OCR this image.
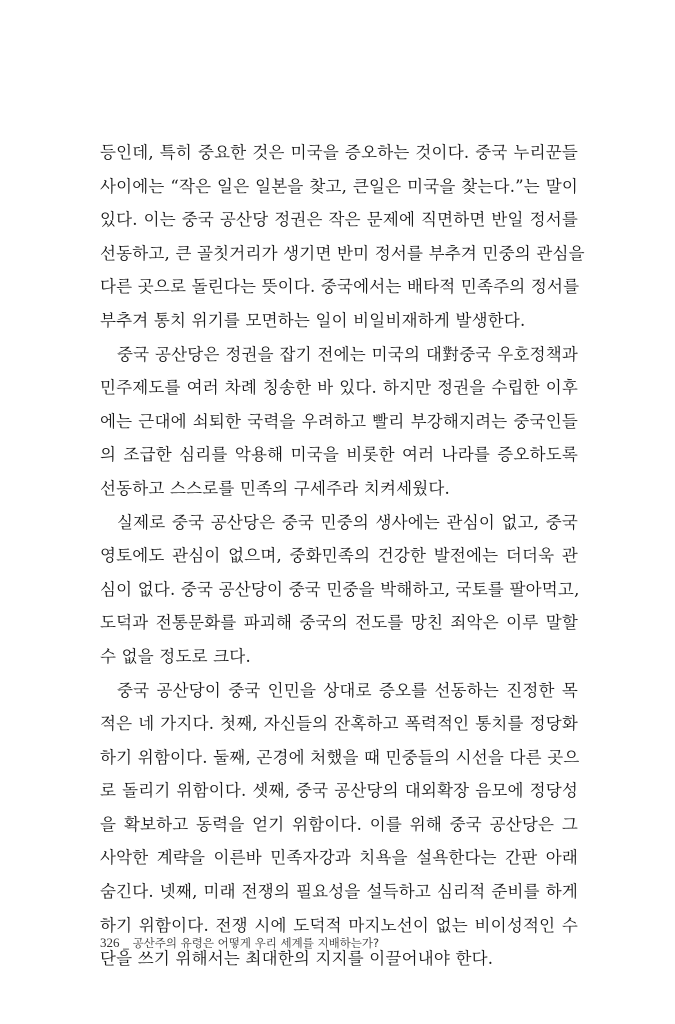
등인데, 특히 중요한 것은 미국을 증오하는 것이다. 중국 누리꾼들
사이에는 “작은 일은 일본을 찾고, 큰일은 미국을 찾는다.”는 말이
있다. 이는 중국 공산당 정권은 작은 문제에 직면하면 반일 정서를
선동하고, 큰 골칫거리가 생기면 반미 정서를 부추겨 민중의 관심을
다른 곳으로 돌린다는 뜻이다. 중국에서는 배타적 민족주의 정서를
부추겨 통치 위기를 모면하는 일이 비일비재하게 발생한다.
중국 공산당은 정권을 잡기 전에는 미국의 대對중국 우호정책과
민주제도를 여러 차례 칭송한 바 있다. 하지만 정권을 수립한 이후
에는 근대에 쇠퇴한 국력을 우려하고 빨리 부강해지려는 중국인들
의 조급한 심리를 악용해 미국을 비롯한 여러 나라를 증오하도록
선동하고 스스로를 민족의 구세주라 치켜세웠다.
실제로 중국 공산당은 중국 민중의 생사에는 관심이 없고, 중국
영토에도 관심이 없으며, 중화민족의 건강한 발전에는 더더욱 관
심이 없다. 중국 공산당이 중국 민중을 박해하고, 국토를 팔아먹고,
도덕과 전통문화를 파괴해 중국의 전도를 망친 죄악은 이루 말할
수 없을 정도로 크다.
중국 공산당이 중국 인민을 상대로 증오를 선동하는 진정한 목
적은 네 가지다. 첫째, 자신들의 잔혹하고 폭력적인 통치를 정당화
하기 위함이다. 둘째, 곤경에 처했을 때 민중들의 시선을 다른 곳으
로 돌리기 위함이다. 셋째, 중국 공산당의 대외확장 음모에 정당성
을 확보하고 동력을 얻기 위함이다. 이를 위해 중국 공산당은 그
사악한 계략을 이른바 민족자강과 치욕을 설욕한다는 간판 아래
숨긴다. 넷째, 미래 전쟁의 필요성을 설득하고 심리적 준비를 하게
하기 위함이다. 전쟁 시에 도덕적 마지노선이 없는 비이성적인 수
단을 쓰기 위해서는 최대한의 지지를 이끌어내야 한다.
326 _ 공산주의 유령은 어떻게 우리 세계를 지배하는가?
